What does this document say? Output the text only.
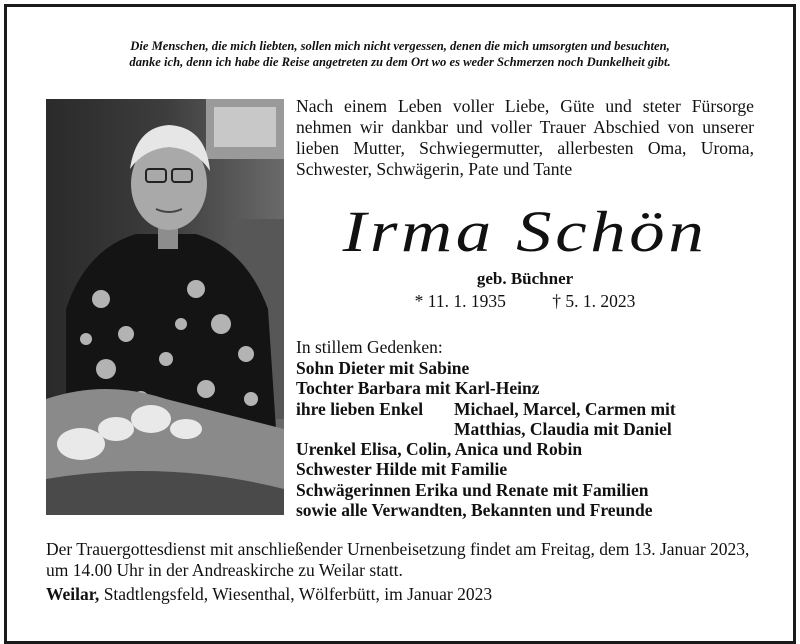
Die Menschen, die mich liebten, sollen mich nicht vergessen, denen die mich umsorgten und besuchten,
danke ich, denn ich habe die Reise angetreten zu dem Ort wo es weder Schmerzen noch Dunkelheit gibt.
Nach einem Leben voller Liebe, Güte und steter Fürsorge nehmen wir dankbar und voller Trauer Abschied von unserer lieben Mutter, Schwiegermutter, allerbesten Oma, Uroma, Schwester, Schwägerin, Pate und Tante
Irma Schön
geb. Büchner
* 11. 1. 1935	† 5. 1. 2023
In stillem Gedenken:
Sohn Dieter mit Sabine
Tochter Barbara mit Karl-Heinz
ihre lieben Enkel Michael, Marcel, Carmen mit
Matthias, Claudia mit Daniel
Urenkel Elisa, Colin, Anica und Robin
Schwester Hilde mit Familie
Schwägerinnen Erika und Renate mit Familien
sowie alle Verwandten, Bekannten und Freunde
Der Trauergottesdienst mit anschließender Urnenbeisetzung findet am Freitag, dem 13. Januar 2023, um 14.00 Uhr in der Andreaskirche zu Weilar statt.
Weilar, Stadtlengsfeld, Wiesenthal, Wölferbütt, im Januar 2023
